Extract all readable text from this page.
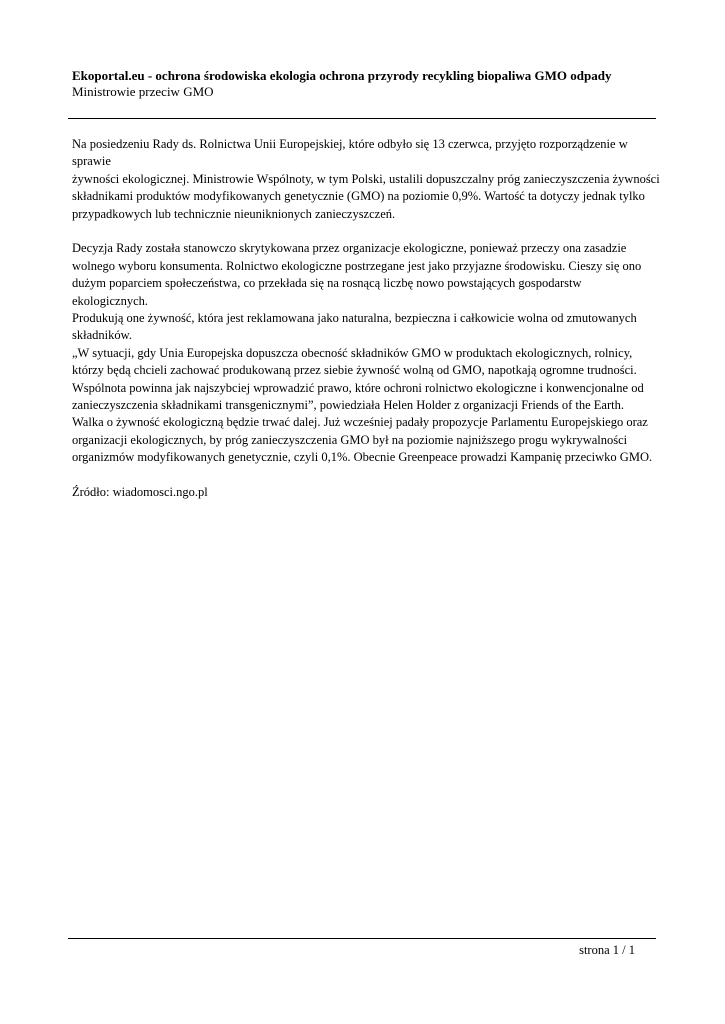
Ekoportal.eu - ochrona środowiska ekologia ochrona przyrody recykling biopaliwa GMO odpady
Ministrowie przeciw GMO

Na posiedzeniu Rady ds. Rolnictwa Unii Europejskiej, które odbyło się 13 czerwca, przyjęto rozporządzenie w sprawie
żywności ekologicznej. Ministrowie Wspólnoty, w tym Polski, ustalili dopuszczalny próg zanieczyszczenia żywności
składnikami produktów modyfikowanych genetycznie (GMO) na poziomie 0,9%. Wartość ta dotyczy jednak tylko
przypadkowych lub technicznie nieuniknionych zanieczyszczeń.

Decyzja Rady została stanowczo skrytykowana przez organizacje ekologiczne, ponieważ przeczy ona zasadzie
wolnego wyboru konsumenta. Rolnictwo ekologiczne postrzegane jest jako przyjazne środowisku. Cieszy się ono
dużym poparciem społeczeństwa, co przekłada się na rosnącą liczbę nowo powstających gospodarstw ekologicznych.
Produkują one żywność, która jest reklamowana jako naturalna, bezpieczna i całkowicie wolna od zmutowanych
składników.

„W sytuacji, gdy Unia Europejska dopuszcza obecność składników GMO w produktach ekologicznych, rolnicy,
którzy będą chcieli zachować produkowaną przez siebie żywność wolną od GMO, napotkają ogromne trudności.
Wspólnota powinna jak najszybciej wprowadzić prawo, które ochroni rolnictwo ekologiczne i konwencjonalne od
zanieczyszczenia składnikami transgenicznymi”, powiedziała Helen Holder z organizacji Friends of the Earth.

Walka o żywność ekologiczną będzie trwać dalej. Już wcześniej padały propozycje Parlamentu Europejskiego oraz
organizacji ekologicznych, by próg zanieczyszczenia GMO był na poziomie najniższego progu wykrywalności
organizmów modyfikowanych genetycznie, czyli 0,1%. Obecnie Greenpeace prowadzi Kampanię przeciwko GMO.

Źródło: wiadomosci.ngo.pl

strona 1 / 1
